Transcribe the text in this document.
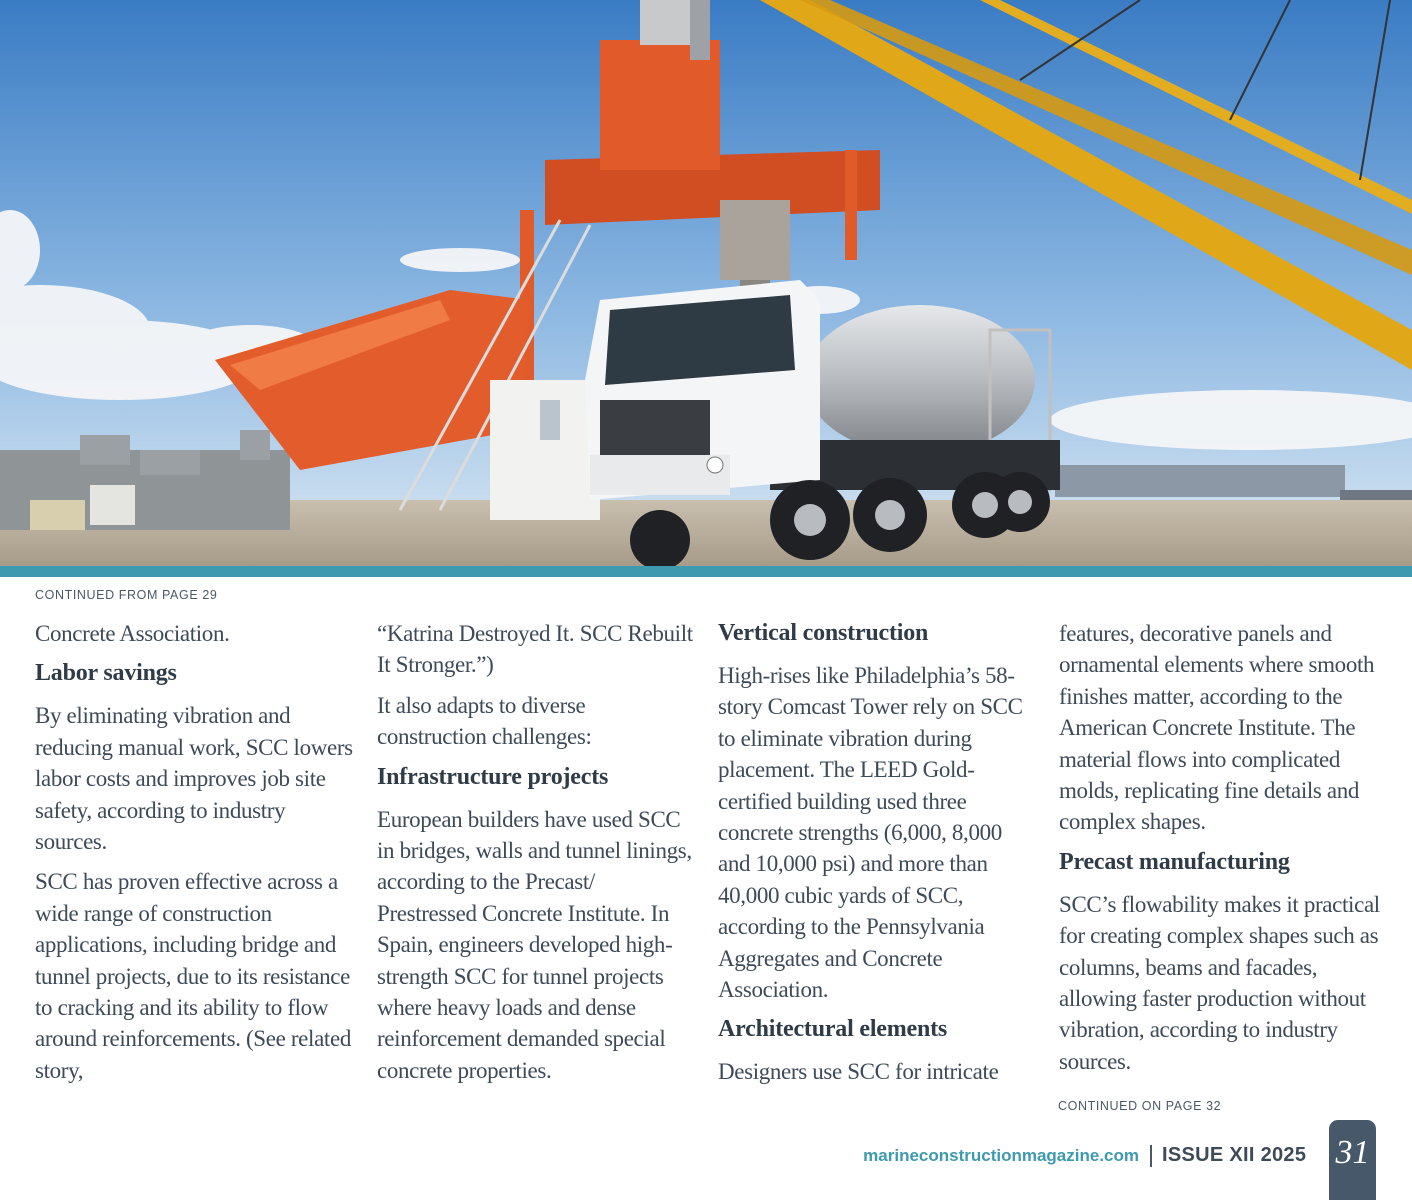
CONTINUED FROM PAGE 29

Concrete Association.

Labor savings

By eliminating vibration and reducing manual work, SCC lowers labor costs and improves job site safety, according to industry sources.

SCC has proven effective across a wide range of construction applications, including bridge and tunnel projects, due to its resistance to cracking and its ability to flow around reinforcements. (See related story,

“Katrina Destroyed It. SCC Rebuilt It Stronger.”)

It also adapts to diverse construction challenges:

Infrastructure projects

European builders have used SCC in bridges, walls and tunnel linings, according to the Precast/ Prestressed Concrete Institute. In Spain, engineers developed high-strength SCC for tunnel projects where heavy loads and dense reinforcement demanded special concrete properties.

Vertical construction

High-rises like Philadelphia’s 58-story Comcast Tower rely on SCC to eliminate vibration during placement. The LEED Gold-certified building used three concrete strengths (6,000, 8,000 and 10,000 psi) and more than 40,000 cubic yards of SCC, according to the Pennsylvania Aggregates and Concrete Association.

Architectural elements

Designers use SCC for intricate

features, decorative panels and ornamental elements where smooth finishes matter, according to the American Concrete Institute. The material flows into complicated molds, replicating fine details and complex shapes.

Precast manufacturing

SCC’s flowability makes it practical for creating complex shapes such as columns, beams and facades, allowing faster production without vibration, according to industry sources.

CONTINUED ON PAGE 32
marineconstructionmagazine.com ISSUE XII 2025 31
